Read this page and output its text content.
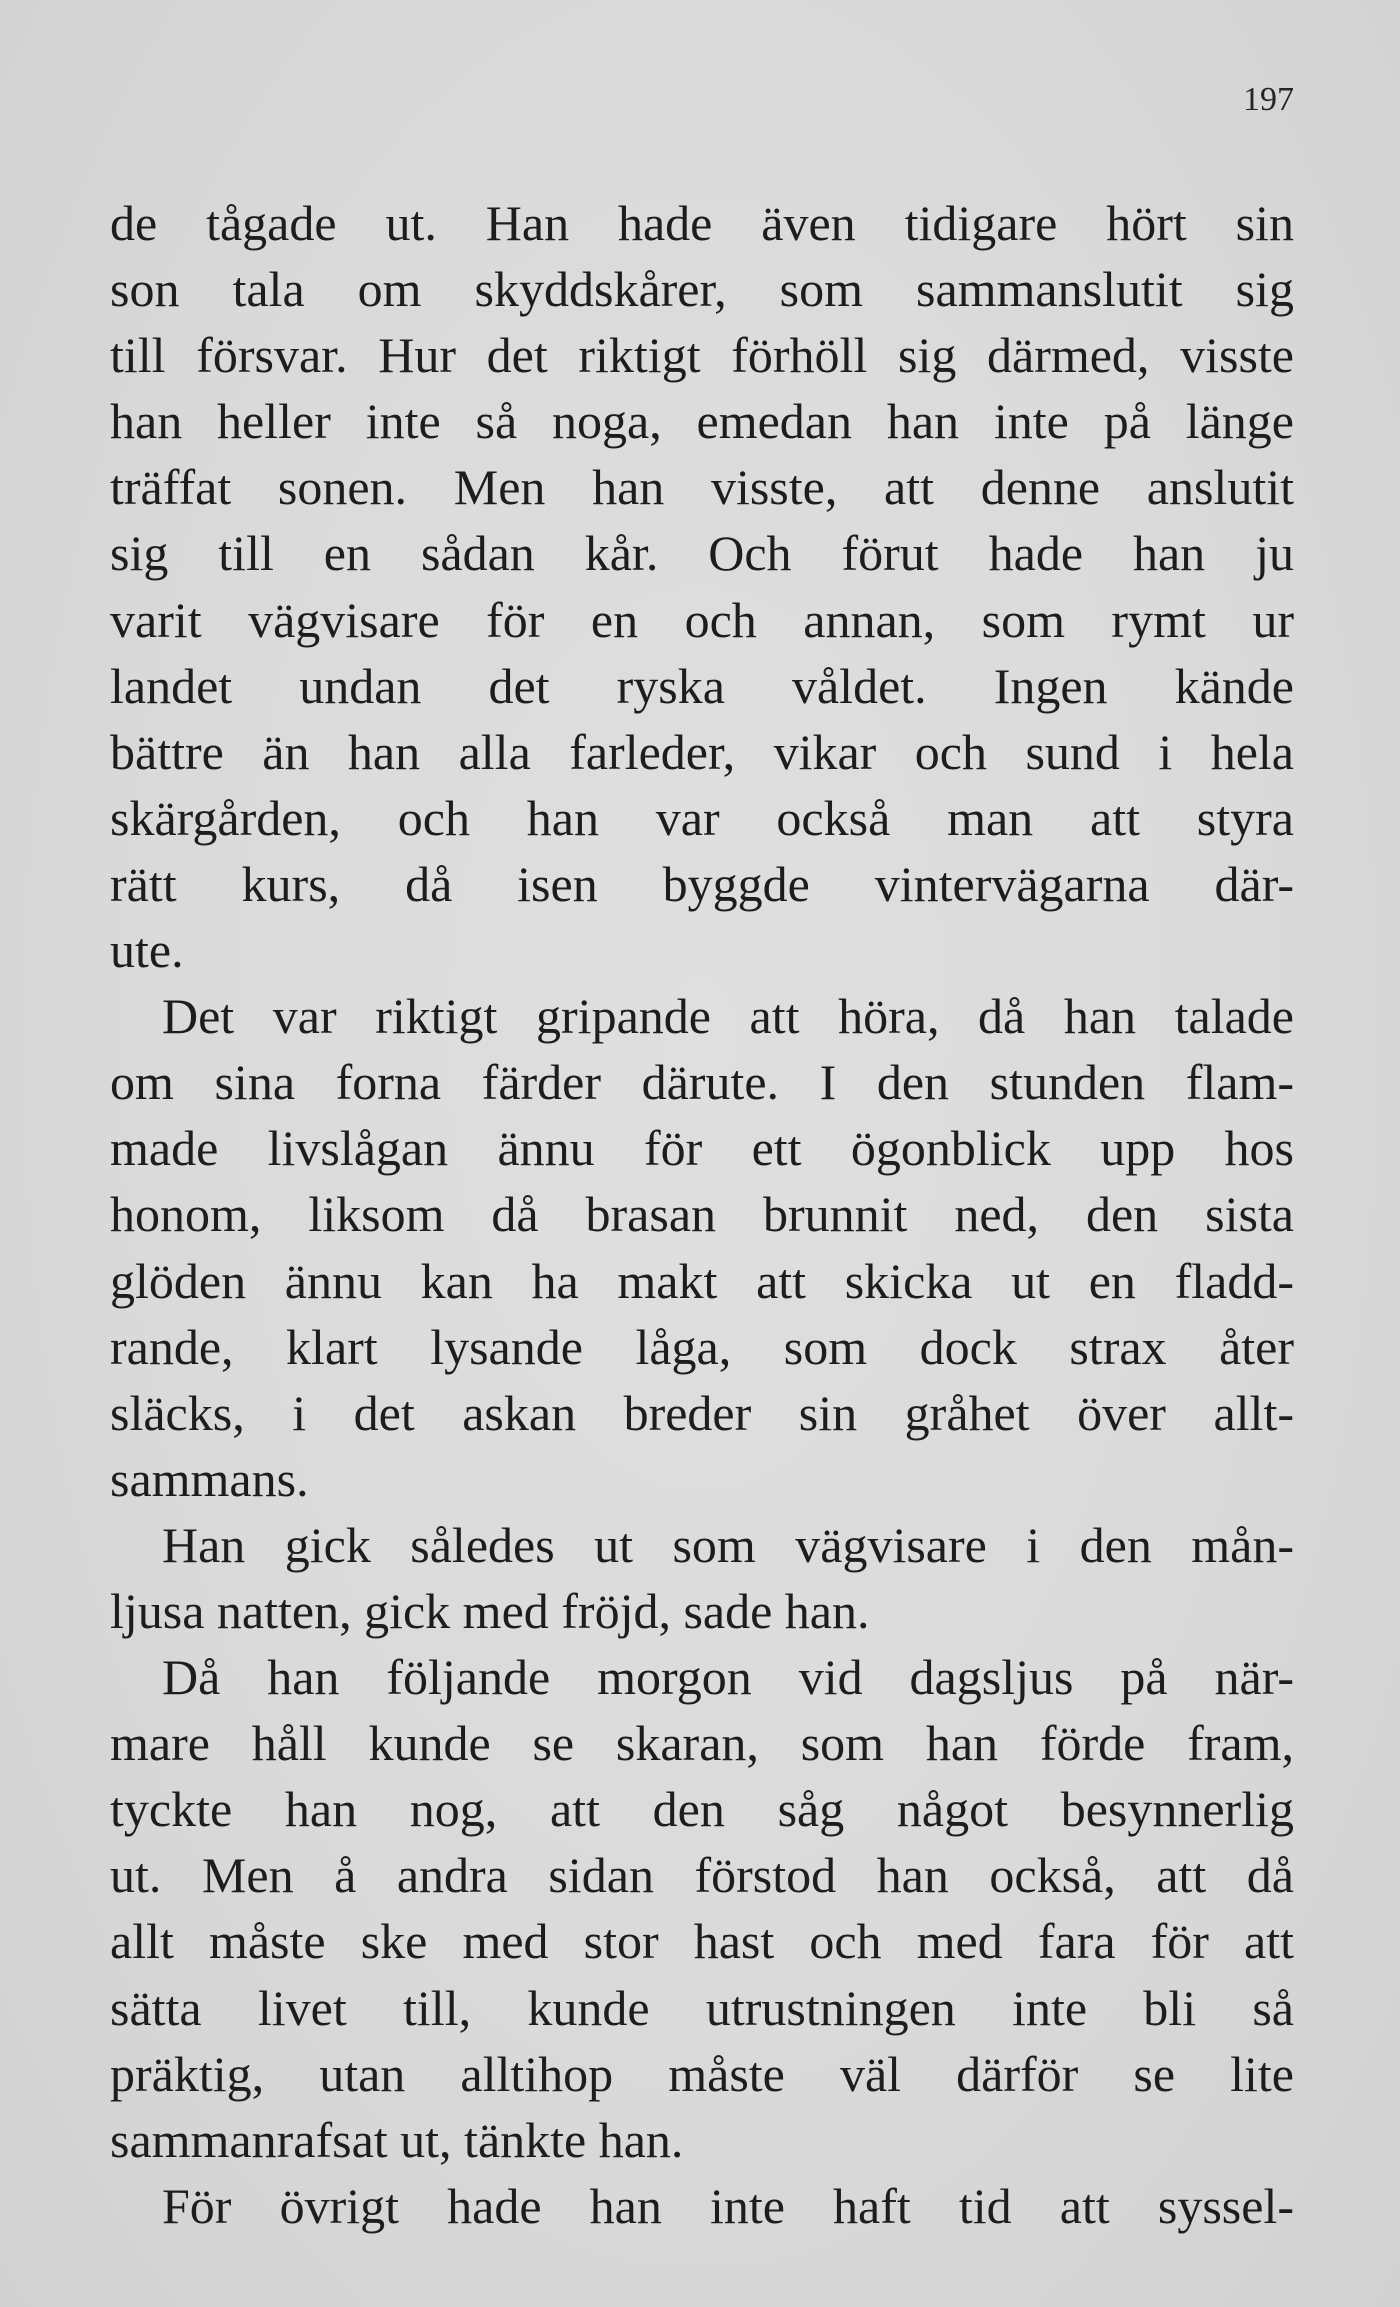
197
de tågade ut. Han hade även tidigare hört sin
son tala om skyddskårer, som sammanslutit sig
till försvar. Hur det riktigt förhöll sig därmed, visste
han heller inte så noga, emedan han inte på länge
träffat sonen. Men han visste, att denne anslutit
sig till en sådan kår. Och förut hade han ju
varit vägvisare för en och annan, som rymt ur
landet undan det ryska våldet. Ingen kände
bättre än han alla farleder, vikar och sund i hela
skärgården, och han var också man att styra
rätt kurs, då isen byggde vintervägarna där-
ute.
Det var riktigt gripande att höra, då han talade
om sina forna färder därute. I den stunden flam-
made livslågan ännu för ett ögonblick upp hos
honom, liksom då brasan brunnit ned, den sista
glöden ännu kan ha makt att skicka ut en fladd-
rande, klart lysande låga, som dock strax åter
släcks, i det askan breder sin gråhet över allt-
sammans.
Han gick således ut som vägvisare i den mån-
ljusa natten, gick med fröjd, sade han.
Då han följande morgon vid dagsljus på när-
mare håll kunde se skaran, som han förde fram,
tyckte han nog, att den såg något besynnerlig
ut. Men å andra sidan förstod han också, att då
allt måste ske med stor hast och med fara för att
sätta livet till, kunde utrustningen inte bli så
präktig, utan alltihop måste väl därför se lite
sammanrafsat ut, tänkte han.
För övrigt hade han inte haft tid att syssel-
